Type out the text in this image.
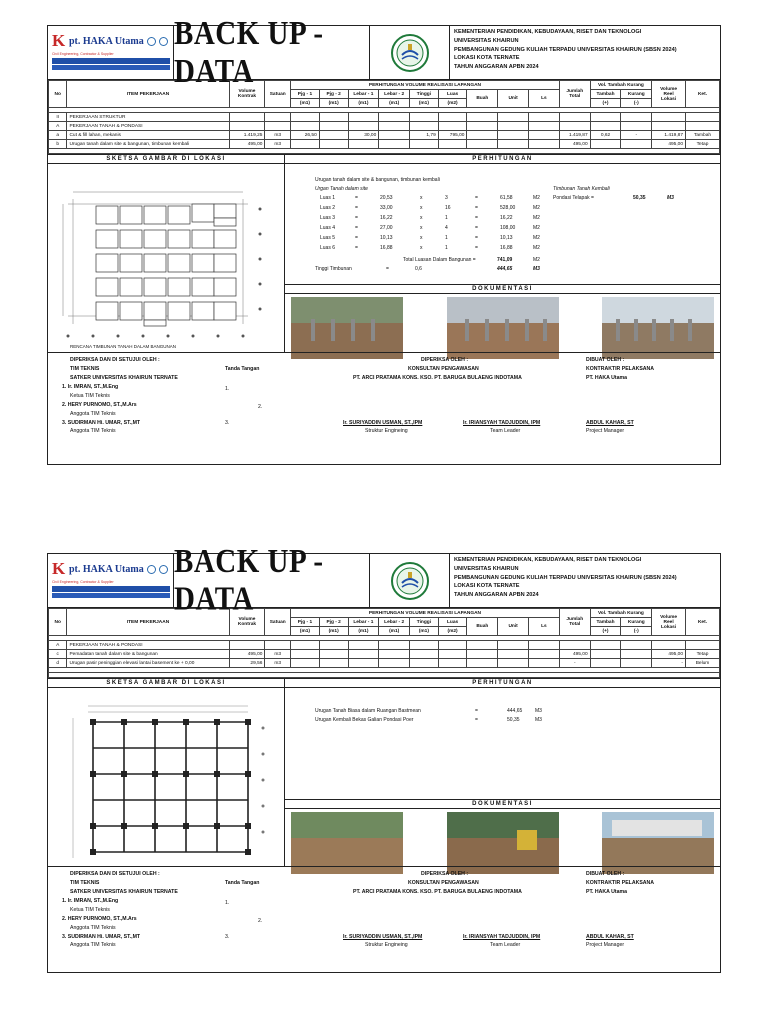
K pt. HAKA Utama
Civil Engineering, Contractor & Supplier
BACK UP - DATA
KEMENTERIAN PENDIDIKAN, KEBUDAYAAN, RISET DAN TEKNOLOGI
UNIVERSITAS KHAIRUN
PEMBANGUNAN GEDUNG KULIAH TERPADU UNIVERSITAS KHAIRUN (SBSN 2024)
LOKASI KOTA TERNATE
TAHUN ANGGARAN APBN 2024
No	ITEM PEKERJAAN	Volume
Kontrak	Satuan	PERHITUNGAN VOLUME REALISASI LAPANGAN									Jumlah
Total	Vol. Tambah Kurang		Volume
Reel
Lokasi	Ket.
				Pjg - 1	Pjg - 2	Lebar - 1	Lebar - 2	Tinggi	Luas	Buah	Unit	Ls		Tambah	Kurang		
				(m1)	(m1)	(m1)	(m1)	(m1)	(m2)					(+)	(-)		

II	PEKERJAAN STRUKTUR																
A	PEKERJAAN TANAH & PONDASI																
a	Cut & fill lahan, mekanis	1.419,25	m3	26,50		30,00		1,79	795,00				1.419,87	0,62	-	1.419,87	Tambah
b	Urugan tanah dalam site & bangunan, timbunan kembali	495,00	m3										495,00			495,00	Tetap

SKETSA GAMBAR DI LOKASI
RENCANA TIMBUNAN TANAH DALAM BANGUNAN
PERHITUNGAN
Urugan tanah dalam site & bangunan, timbunan kembali
Urgan Tanah dalam site
Luas 1	=	20,53	x	3	=	61,58	M2
Luas 2	=	33,00	x	16	=	528,00	M2
Luas 3	=	16,22	x	1	=	16,22	M2
Luas 4	=	27,00	x	4	=	108,00	M2
Luas 5	=	10,13	x	1	=	10,13	M2
Luas 6	=	16,88	x	1	=	16,88	M2
Total Luasan Dalam Bangunan =	741,09	M2
Tinggi Timbunan	=	0,6	444,65	M3
Timbunan Tanah Kembali
Pondasi Telapak =	50,35	M3
DOKUMENTASI
DIPERIKSA DAN DI SETUJUI OLEH :
TIM TEKNIS	Tanda Tangan
SATKER UNIVERSITAS KHAIRUN TERNATE
1. Ir. IMRAN, ST.,M.Eng	1.
Ketua TIM Teknis
2. HERY PURNOMO, ST.,M.Ars	2.
Anggota TIM Teknis
3. SUDIRMAN Hi. UMAR, ST.,MT	3.
Anggota TIM Teknis
DIPERIKSA OLEH :
KONSULTAN PENGAWASAN
PT. ARCI PRATAMA KONS. KSO. PT. BARUGA BULAENG INDOTAMA
Ir. SURIYADDIN USMAN, ST.,IPM
Struktur Engineing
Ir. IRIANSYAH TADJUDDIN, IPM
Team Leader
DIBUAT OLEH :
KONTRAKTIR PELAKSANA
PT. HAKA Utama
ABDUL KAHAR, ST
Project Manager
K pt. HAKA Utama
Civil Engineering, Contractor & Supplier
BACK UP - DATA
KEMENTERIAN PENDIDIKAN, KEBUDAYAAN, RISET DAN TEKNOLOGI
UNIVERSITAS KHAIRUN
PEMBANGUNAN GEDUNG KULIAH TERPADU UNIVERSITAS KHAIRUN (SBSN 2024)
LOKASI KOTA TERNATE
TAHUN ANGGARAN APBN 2024
No	ITEM PEKERJAAN	Volume
Kontrak	Satuan	PERHITUNGAN VOLUME REALISASI LAPANGAN									Jumlah
Total	Vol. Tambah Kurang		Volume
Reel
Lokasi	Ket.
				Pjg - 1	Pjg - 2	Lebar - 1	Lebar - 2	Tinggi	Luas	Buah	Unit	Ls		Tambah	Kurang		
				(m1)	(m1)	(m1)	(m1)	(m1)	(m2)					(+)	(-)		

A	PEKERJAAN TANAH & PONDASI																
c	Pemadatan tanah dalam site & bangunan	495,00	m3										495,00			495,00	Tetap
d	Urugan pasir peninggian elevasi lantai basement ke + 0,00	29,56	m3										-			-	Belum

SKETSA GAMBAR DI LOKASI	PERHITUNGAN
Urugan Tanah Biasa dalam Ruangan Bastmean	=	444,65	M3
Urugan Kembali Bekas Galian Pondasi Poer	=	50,35	M3
DOKUMENTASI
DIPERIKSA DAN DI SETUJUI OLEH :
TIM TEKNIS	Tanda Tangan
SATKER UNIVERSITAS KHAIRUN TERNATE
1. Ir. IMRAN, ST.,M.Eng	1.
Ketua TIM Teknis
2. HERY PURNOMO, ST.,M.Ars	2.
Anggota TIM Teknis
3. SUDIRMAN Hi. UMAR, ST.,MT	3.
Anggota TIM Teknis
DIPERIKSA OLEH :
KONSULTAN PENGAWASAN
PT. ARCI PRATAMA KONS. KSO. PT. BARUGA BULAENG INDOTAMA
Ir. SURIYADDIN USMAN, ST.,IPM
Struktur Engineing
Ir. IRIANSYAH TADJUDDIN, IPM
Team Leader
DIBUAT OLEH :
KONTRAKTIR PELAKSANA
PT. HAKA Utama
ABDUL KAHAR, ST
Project Manager
